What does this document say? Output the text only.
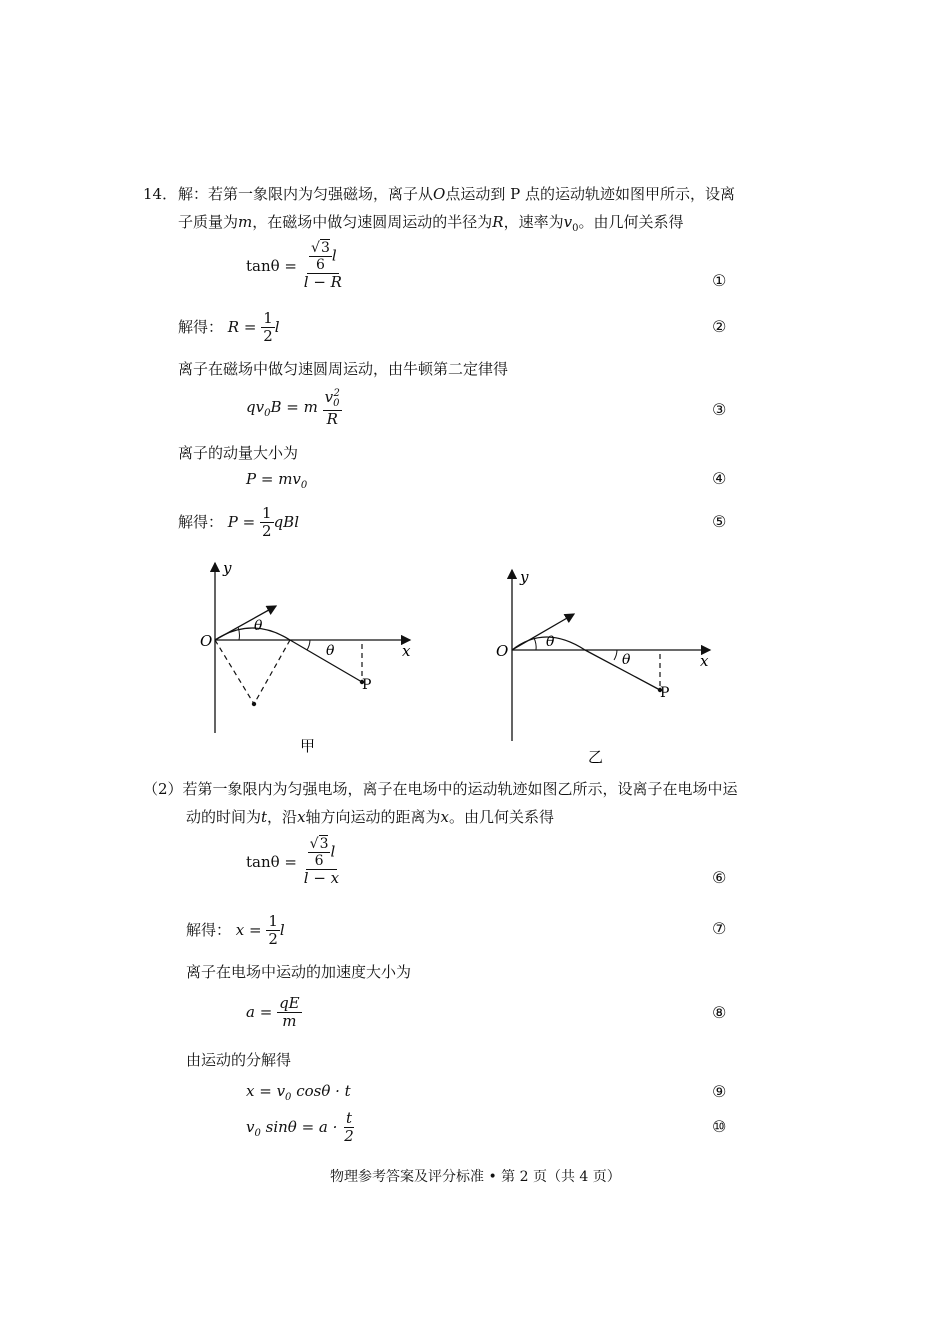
14． 解：若第一象限内为匀强磁场，离子从O点运动到 P 点的运动轨迹如图甲所示，设离
子质量为m，在磁场中做匀速圆周运动的半径为R，速率为$v_0$。由几何关系得
$\tan\theta = \frac{\frac{√3}{6} l}{l - R}$	①
解得： $R = \frac{1}{2}$ l	②
离子在磁场中做匀速圆周运动，由牛顿第二定律得
$qv_0B = m \frac{v_0^2}{R}$	③
离子的动量大小为
$P = mv_0$	④
解得： $P = \frac{1}{2}$ qBl	⑤
y
x
O
θ
θ
P
甲
y
x
O	θ
θ
P
乙
（2）若第一象限内为匀强电场，离子在电场中的运动轨迹如图乙所示，设离子在电场中运
动的时间为t，沿x轴方向运动的距离为x。由几何关系得
$\tan\theta = \frac{\frac{√3}{6} l}{l - x}$	⑥
解得： $x = \frac{1}{2}$ l	⑦
离子在电场中运动的加速度大小为
$a = \frac{qE}{m}$	⑧
由运动的分解得
$x = v_0$ cosθ · t	⑨
$v_0$ $\sin\theta = a \cdot \frac{t}{2}$	⑩
物理参考答案及评分标准 • 第 2 页（共 4 页）
